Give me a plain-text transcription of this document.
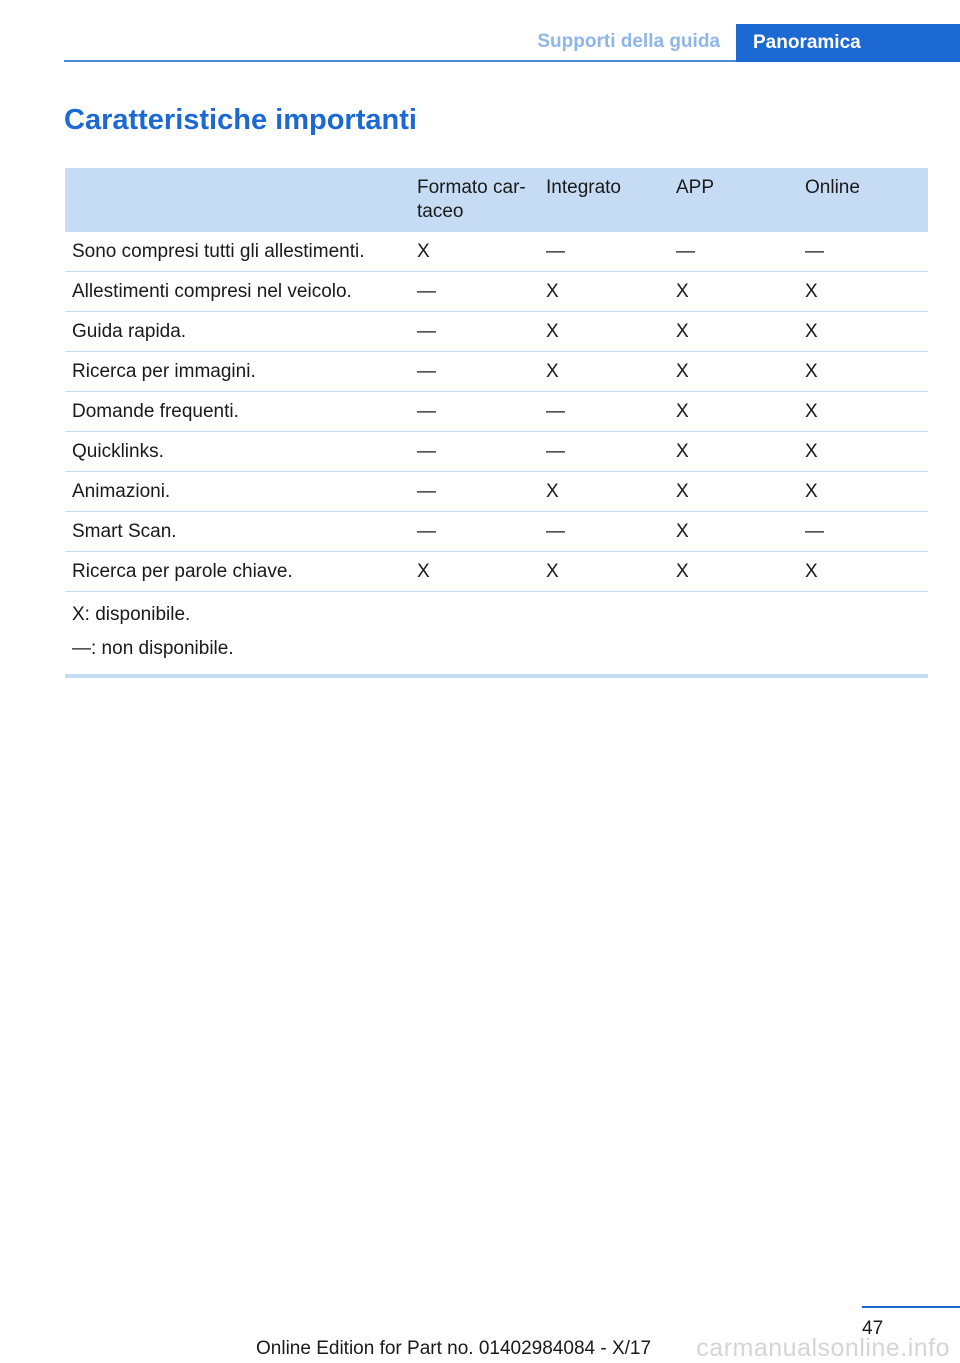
Supporti della guida	Panoramica
Caratteristiche importanti
	Formato car‐taceo	Integrato	APP	Online
Sono compresi tutti gli allestimenti.	X	—	—	—
Allestimenti compresi nel veicolo.	—	X	X	X
Guida rapida.	—	X	X	X
Ricerca per immagini.	—	X	X	X
Domande frequenti.	—	—	X	X
Quicklinks.	—	—	X	X
Animazioni.	—	X	X	X
Smart Scan.	—	—	X	—
Ricerca per parole chiave.	X	X	X	X

X: disponibile.
—: non disponibile.				
47
Online Edition for Part no. 01402984084 - X/17 carmanualsonline.info
